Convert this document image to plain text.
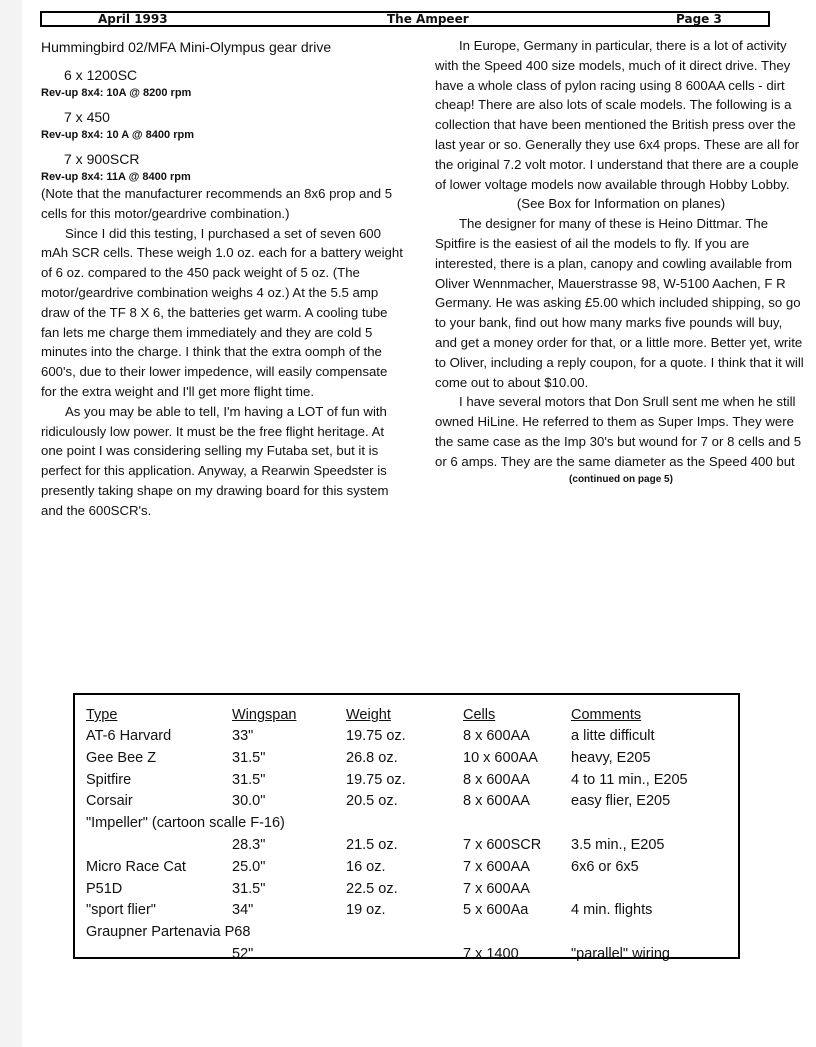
April 1993	The Ampeer	Page 3

Hummingbird 02/MFA Mini-Olympus gear drive

6 x 1200SC
Rev-up 8x4: 10A @ 8200 rpm
7 x 450
Rev-up 8x4: 10 A @ 8400 rpm
7 x 900SCR
Rev-up 8x4: 11A @ 8400 rpm

(Note that the manufacturer recommends an 8x6 prop and 5 cells for this motor/geardrive combination.)

Since I did this testing, I purchased a set of seven 600 mAh SCR cells. These weigh 1.0 oz. each for a battery weight of 6 oz. compared to the 450 pack weight of 5 oz. (The motor/geardrive combination weighs 4 oz.) At the 5.5 amp draw of the TF 8 X 6, the batteries get warm. A cooling tube fan lets me charge them immediately and they are cold 5 minutes into the charge. I think that the extra oomph of the 600's, due to their lower impedence, will easily compensate for the extra weight and I'll get more flight time.

As you may be able to tell, I'm having a LOT of fun with ridiculously low power. It must be the free flight heritage. At one point I was considering selling my Futaba set, but it is perfect for this application. Anyway, a Rearwin Speedster is presently taking shape on my drawing board for this system and the 600SCR's.

In Europe, Germany in particular, there is a lot of activity with the Speed 400 size models, much of it direct drive. They have a whole class of pylon racing using 8 600AA cells - dirt cheap! There are also lots of scale models. The following is a collection that have been mentioned the British press over the last year or so. Generally they use 6x4 props. These are all for the original 7.2 volt motor. I understand that there are a couple of lower voltage models now available through Hobby Lobby.

(See Box for Information on planes)

The designer for many of these is Heino Dittmar. The Spitfire is the easiest of ail the models to fly. If you are interested, there is a plan, canopy and cowling available from Oliver Wennmacher, Mauerstrasse 98, W-5100 Aachen, F R Germany. He was asking £5.00 which included shipping, so go to your bank, find out how many marks five pounds will buy, and get a money order for that, or a little more. Better yet, write to Oliver, including a reply coupon, for a quote. I think that it will come out to about $10.00.

I have several motors that Don Srull sent me when he still owned HiLine. He referred to them as Super Imps. They were the same case as the Imp 30's but wound for 7 or 8 cells and 5 or 6 amps. They are the same diameter as the Speed 400 but

(continued on page 5)

Type	Wingspan	Weight	Cells	Comments
AT-6 Harvard	33"	19.75 oz.	8 x 600AA	a litte difficult
Gee Bee Z	31.5"	26.8 oz.	10 x 600AA	heavy, E205
Spitfire	31.5"	19.75 oz.	8 x 600AA	4 to 11 min., E205
Corsair	30.0"	20.5 oz.	8 x 600AA	easy flier, E205
"Impeller" (cartoon scalle F-16)				
	28.3"	21.5 oz.	7 x 600SCR	3.5 min., E205
Micro Race Cat	25.0"	16 oz.	7 x 600AA	6x6 or 6x5
P51D	31.5"	22.5 oz.	7 x 600AA	
"sport flier"	34"	19 oz.	5 x 600Aa	4 min. flights
Graupner Partenavia P68				
	52"		7 x 1400	"parallel" wiring
